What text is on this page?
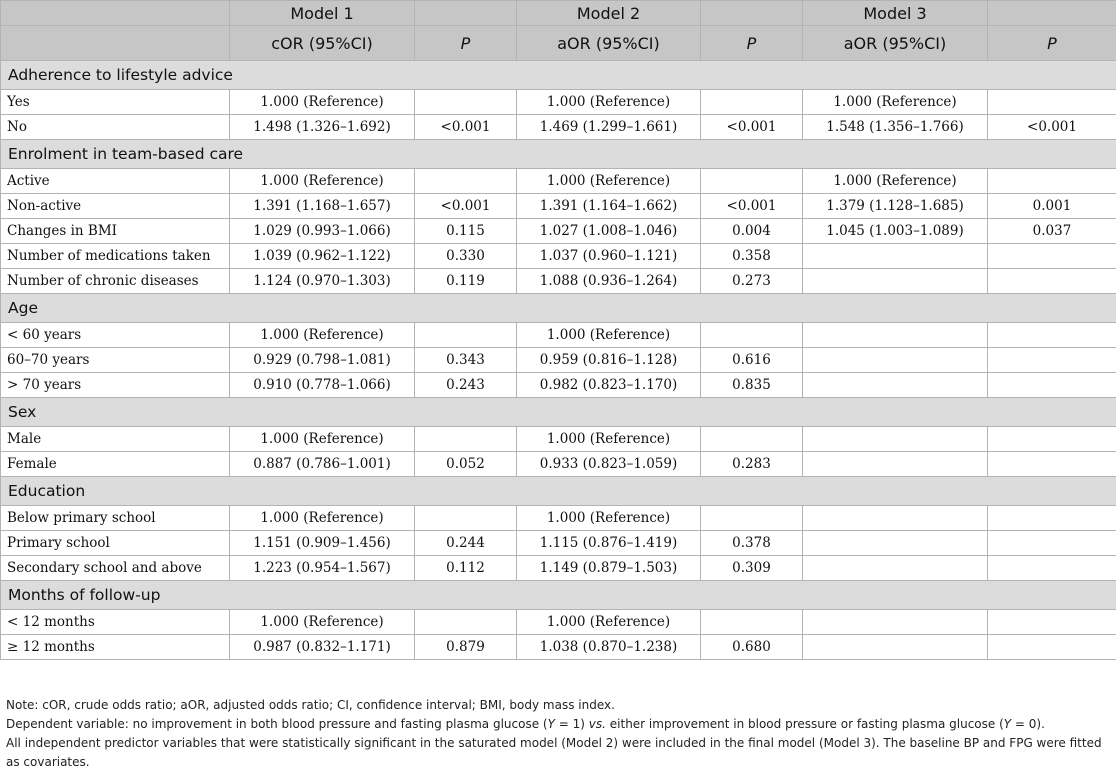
	Model 1		Model 2		Model 3	
	cOR (95%CI)	P	aOR (95%CI)	P	aOR (95%CI)	P
Adherence to lifestyle advice						
Yes	1.000 (Reference)		1.000 (Reference)		1.000 (Reference)	
No	1.498 (1.326–1.692)	<0.001	1.469 (1.299–1.661)	<0.001	1.548 (1.356–1.766)	<0.001
Enrolment in team-based care						
Active	1.000 (Reference)		1.000 (Reference)		1.000 (Reference)	
Non-active	1.391 (1.168–1.657)	<0.001	1.391 (1.164–1.662)	<0.001	1.379 (1.128–1.685)	0.001
Changes in BMI	1.029 (0.993–1.066)	0.115	1.027 (1.008–1.046)	0.004	1.045 (1.003–1.089)	0.037
Number of medications taken	1.039 (0.962–1.122)	0.330	1.037 (0.960–1.121)	0.358		
Number of chronic diseases	1.124 (0.970–1.303)	0.119	1.088 (0.936–1.264)	0.273		
Age						
< 60 years	1.000 (Reference)		1.000 (Reference)			
60–70 years	0.929 (0.798–1.081)	0.343	0.959 (0.816–1.128)	0.616		
> 70 years	0.910 (0.778–1.066)	0.243	0.982 (0.823–1.170)	0.835		
Sex						
Male	1.000 (Reference)		1.000 (Reference)			
Female	0.887 (0.786–1.001)	0.052	0.933 (0.823–1.059)	0.283		
Education						
Below primary school	1.000 (Reference)		1.000 (Reference)			
Primary school	1.151 (0.909–1.456)	0.244	1.115 (0.876–1.419)	0.378		
Secondary school and above	1.223 (0.954–1.567)	0.112	1.149 (0.879–1.503)	0.309		
Months of follow-up						
< 12 months	1.000 (Reference)		1.000 (Reference)			
≥ 12 months	0.987 (0.832–1.171)	0.879	1.038 (0.870–1.238)	0.680		

Note: cOR, crude odds ratio; aOR, adjusted odds ratio; CI, confidence interval; BMI, body mass index.

Dependent variable: no improvement in both blood pressure and fasting plasma glucose (Y = 1) vs. either improvement in blood pressure or fasting plasma glucose (Y = 0).

All independent predictor variables that were statistically significant in the saturated model (Model 2) were included in the final model (Model 3). The baseline BP and FPG were fitted as covariates.
